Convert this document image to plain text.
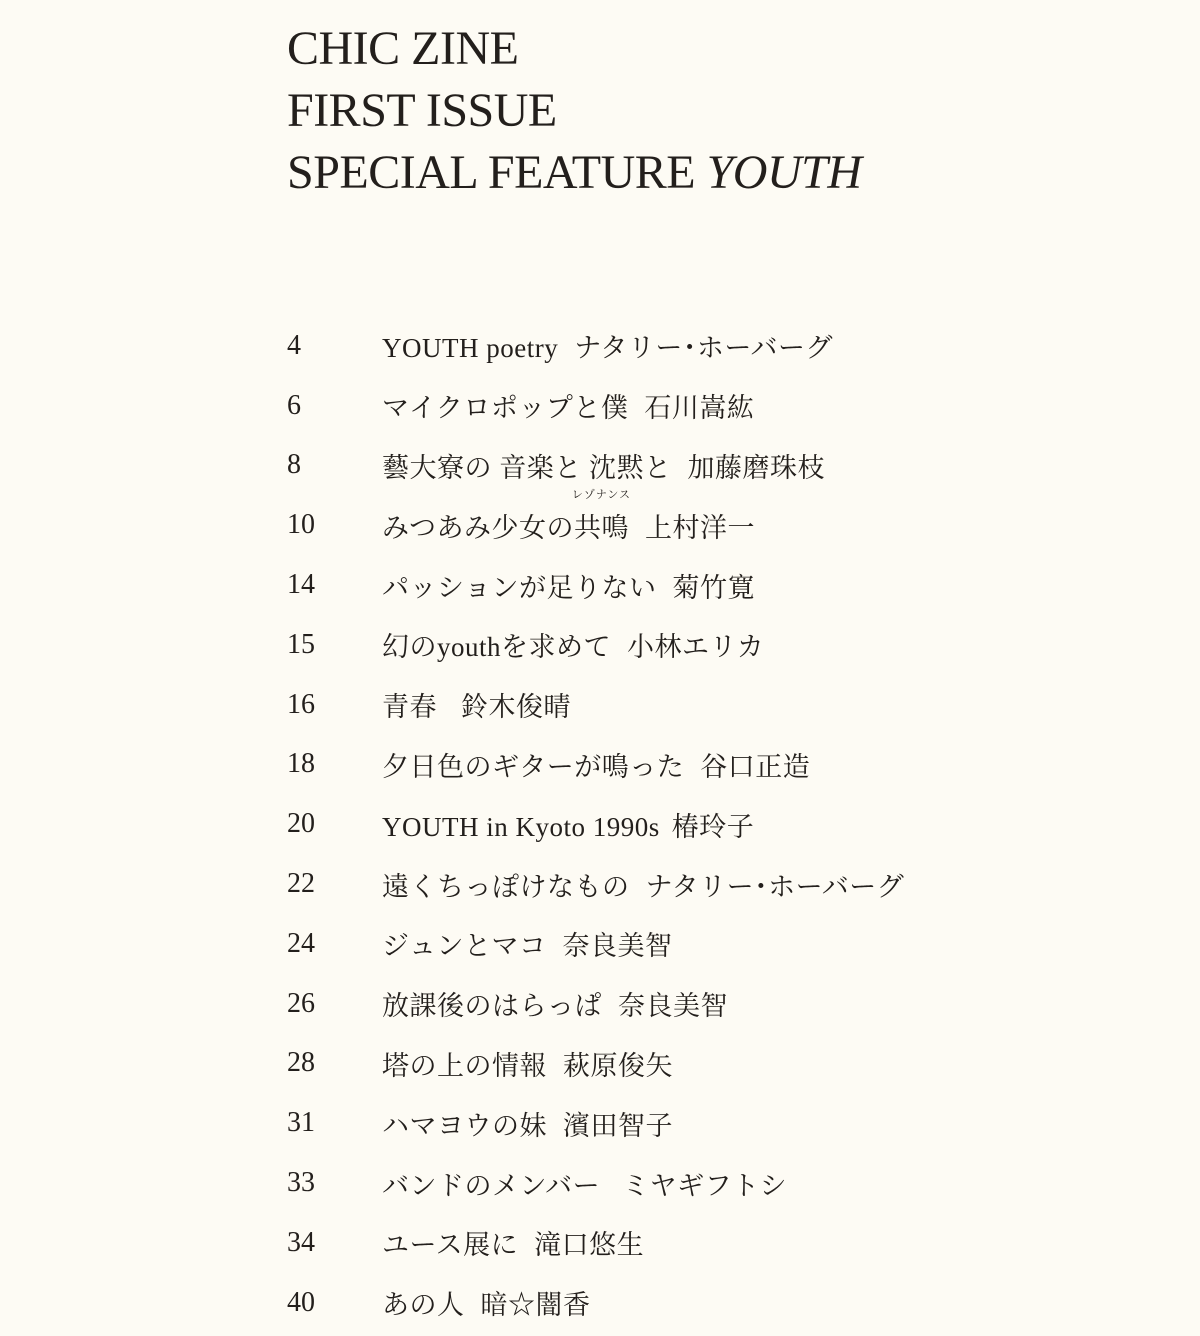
CHIC ZINE
FIRST ISSUE
SPECIAL FEATURE YOUTH
4	YOUTH poetry ナタリー･ホーバーグ
6	マイクロポップと僕 石川嵩紘
8	藝大寮の 音楽と 沈黙と 加藤磨珠枝
10	みつあみ少女の
レゾナンス
共鳴 上村洋一
14	パッションが足りない 菊竹寛
15	幻のyouthを求めて 小林エリカ
16	青春 鈴木俊晴
18	夕日色のギターが鳴った 谷口正造
20	YOUTH in Kyoto 1990s 椿玲子
22	遠くちっぽけなもの ナタリー･ホーバーグ
24	ジュンとマコ 奈良美智
26	放課後のはらっぱ 奈良美智
28	塔の上の情報 萩原俊矢
31	ハマヨウの妹 濱田智子
33	バンドのメンバー ミヤギフトシ
34	ユース展に 滝口悠生
40	あの人 暗☆闇香
